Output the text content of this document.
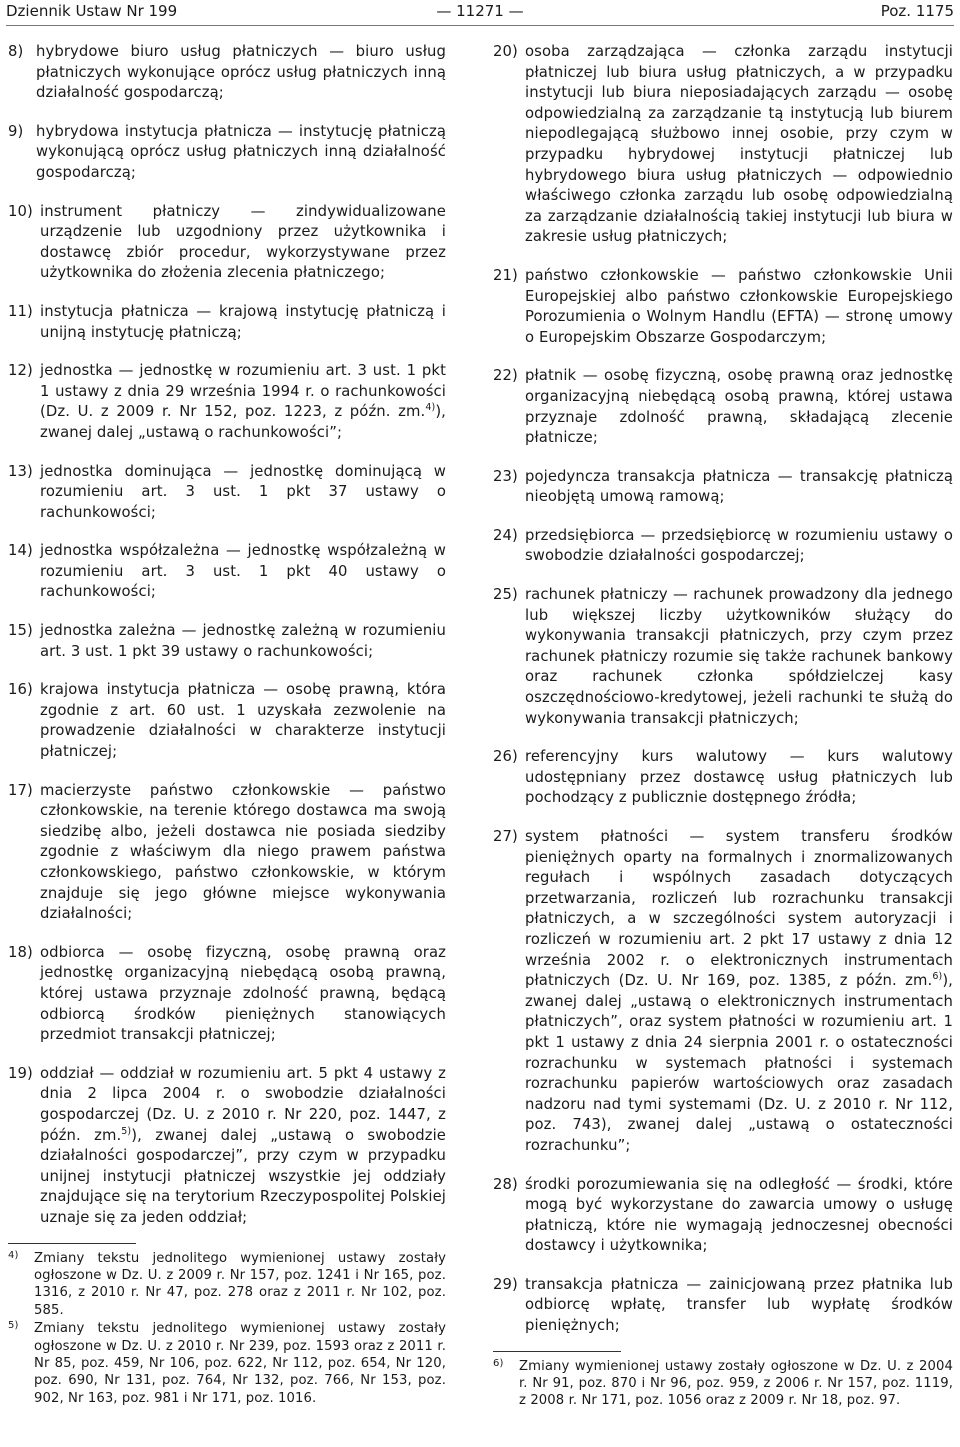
Dziennik Ustaw Nr 199	— 11271 —	Poz. 1175
8) hybrydowe biuro usług płatniczych — biuro usług płatniczych wykonujące oprócz usług płatniczych inną działalność gospodarczą;
9) hybrydowa instytucja płatnicza — instytucję płatniczą wykonującą oprócz usług płatniczych inną działalność gospodarczą;
10) instrument płatniczy — zindywidualizowane urządzenie lub uzgodniony przez użytkownika i dostawcę zbiór procedur, wykorzystywane przez użytkownika do złożenia zlecenia płatniczego;
11) instytucja płatnicza — krajową instytucję płatniczą i unijną instytucję płatniczą;
12) jednostka — jednostkę w rozumieniu art. 3 ust. 1 pkt 1 ustawy z dnia 29 września 1994 r. o rachunkowości (Dz. U. z 2009 r. Nr 152, poz. 1223, z późn. zm.$^{4)}$), zwanej dalej „ustawą o rachunkowości”;
13) jednostka dominująca — jednostkę dominującą w rozumieniu art. 3 ust. 1 pkt 37 ustawy o rachunkowości;
14) jednostka współzależna — jednostkę współzależną w rozumieniu art. 3 ust. 1 pkt 40 ustawy o rachunkowości;
15) jednostka zależna — jednostkę zależną w rozumieniu art. 3 ust. 1 pkt 39 ustawy o rachunkowości;
16) krajowa instytucja płatnicza — osobę prawną, która zgodnie z art. 60 ust. 1 uzyskała zezwolenie na prowadzenie działalności w charakterze instytucji płatniczej;
17) macierzyste państwo członkowskie — państwo członkowskie, na terenie którego dostawca ma swoją siedzibę albo, jeżeli dostawca nie posiada siedziby zgodnie z właściwym dla niego prawem państwa członkowskiego, państwo członkowskie, w którym znajduje się jego główne miejsce wykonywania działalności;
18) odbiorca — osobę fizyczną, osobę prawną oraz jednostkę organizacyjną niebędącą osobą prawną, której ustawa przyznaje zdolność prawną, będącą odbiorcą środków pieniężnych stanowiących przedmiot transakcji płatniczej;
19) oddział — oddział w rozumieniu art. 5 pkt 4 ustawy z dnia 2 lipca 2004 r. o swobodzie działalności gospodarczej (Dz. U. z 2010 r. Nr 220, poz. 1447, z późn. zm.$^{5)}$), zwanej dalej „ustawą o swobodzie działalności gospodarczej”, przy czym w przypadku unijnej instytucji płatniczej wszystkie jej oddziały znajdujące się na terytorium Rzeczypospolitej Polskiej uznaje się za jeden oddział;
4) Zmiany tekstu jednolitego wymienionej ustawy zostały ogłoszone w Dz. U. z 2009 r. Nr 157, poz. 1241 i Nr 165, poz. 1316, z 2010 r. Nr 47, poz. 278 oraz z 2011 r. Nr 102, poz. 585.
5) Zmiany tekstu jednolitego wymienionej ustawy zostały ogłoszone w Dz. U. z 2010 r. Nr 239, poz. 1593 oraz z 2011 r. Nr 85, poz. 459, Nr 106, poz. 622, Nr 112, poz. 654, Nr 120, poz. 690, Nr 131, poz. 764, Nr 132, poz. 766, Nr 153, poz. 902, Nr 163, poz. 981 i Nr 171, poz. 1016.
20) osoba zarządzająca — członka zarządu instytucji płatniczej lub biura usług płatniczych, a w przypadku instytucji lub biura nieposiadających zarządu — osobę odpowiedzialną za zarządzanie tą instytucją lub biurem niepodlegającą służbowo innej osobie, przy czym w przypadku hybrydowej instytucji płatniczej lub hybrydowego biura usług płatniczych — odpowiednio właściwego członka zarządu lub osobę odpowiedzialną za zarządzanie działalnością takiej instytucji lub biura w zakresie usług płatniczych;
21) państwo członkowskie — państwo członkowskie Unii Europejskiej albo państwo członkowskie Europejskiego Porozumienia o Wolnym Handlu (EFTA) — stronę umowy o Europejskim Obszarze Gospodarczym;
22) płatnik — osobę fizyczną, osobę prawną oraz jednostkę organizacyjną niebędącą osobą prawną, której ustawa przyznaje zdolność prawną, składającą zlecenie płatnicze;
23) pojedyncza transakcja płatnicza — transakcję płatniczą nieobjętą umową ramową;
24) przedsiębiorca — przedsiębiorcę w rozumieniu ustawy o swobodzie działalności gospodarczej;
25) rachunek płatniczy — rachunek prowadzony dla jednego lub większej liczby użytkowników służący do wykonywania transakcji płatniczych, przy czym przez rachunek płatniczy rozumie się także rachunek bankowy oraz rachunek członka spółdzielczej kasy oszczędnościowo-kredytowej, jeżeli rachunki te służą do wykonywania transakcji płatniczych;
26) referencyjny kurs walutowy — kurs walutowy udostępniany przez dostawcę usług płatniczych lub pochodzący z publicznie dostępnego źródła;
27) system płatności — system transferu środków pieniężnych oparty na formalnych i znormalizowanych regułach i wspólnych zasadach dotyczących przetwarzania, rozliczeń lub rozrachunku transakcji płatniczych, a w szczególności system autoryzacji i rozliczeń w rozumieniu art. 2 pkt 17 ustawy z dnia 12 września 2002 r. o elektronicznych instrumentach płatniczych (Dz. U. Nr 169, poz. 1385, z późn. zm.$^{6)}$), zwanej dalej „ustawą o elektronicznych instrumentach płatniczych”, oraz system płatności w rozumieniu art. 1 pkt 1 ustawy z dnia 24 sierpnia 2001 r. o ostateczności rozrachunku w systemach płatności i systemach rozrachunku papierów wartościowych oraz zasadach nadzoru nad tymi systemami (Dz. U. z 2010 r. Nr 112, poz. 743), zwanej dalej „ustawą o ostateczności rozrachunku”;
28) środki porozumiewania się na odległość — środki, które mogą być wykorzystane do zawarcia umowy o usługę płatniczą, które nie wymagają jednoczesnej obecności dostawcy i użytkownika;
29) transakcja płatnicza — zainicjowaną przez płatnika lub odbiorcę wpłatę, transfer lub wypłatę środków pieniężnych;
6) Zmiany wymienionej ustawy zostały ogłoszone w Dz. U. z 2004 r. Nr 91, poz. 870 i Nr 96, poz. 959, z 2006 r. Nr 157, poz. 1119, z 2008 r. Nr 171, poz. 1056 oraz z 2009 r. Nr 18, poz. 97.
